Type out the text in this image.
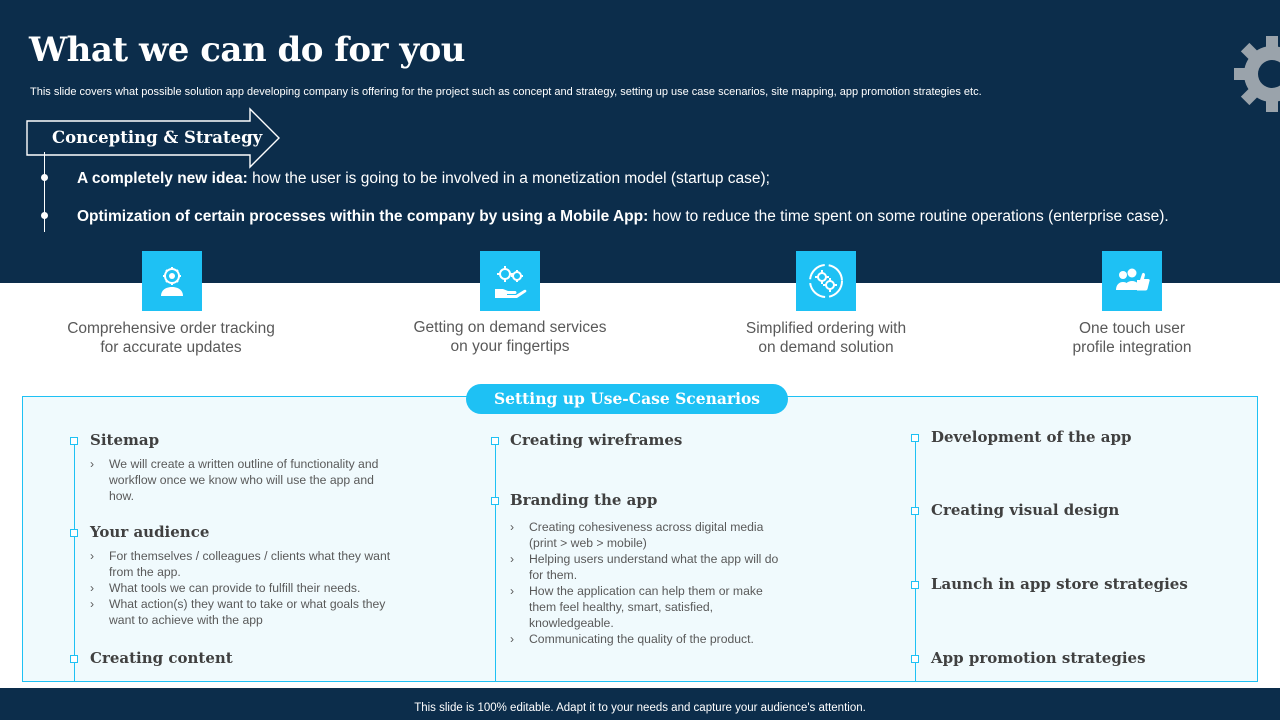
What we can do for you
This slide covers what possible solution app developing company is offering for the project such as concept and strategy, setting up use case scenarios, site mapping, app promotion strategies etc.
Concepting & Strategy
A completely new idea: how the user is going to be involved in a monetization model (startup case);
Optimization of certain processes within the company by using a Mobile App: how to reduce the time spent on some routine operations (enterprise case).
Comprehensive order tracking
for accurate updates
Getting on demand services
on your fingertips
Simplified ordering with
on demand solution
One touch user
profile integration
Setting up Use-Case Scenarios
Sitemap
› We will create a written outline of functionality and workflow once we know who will use the app and how.
Your audience
› For themselves / colleagues / clients what they want from the app.
› What tools we can provide to fulfill their needs.
› What action(s) they want to take or what goals they want to achieve with the app
Creating content
Creating wireframes
Branding the app
› Creating cohesiveness across digital media (print > web > mobile)
› Helping users understand what the app will do for them.
› How the application can help them or make them feel healthy, smart, satisfied, knowledgeable.
› Communicating the quality of the product.
Development of the app
Creating visual design
Launch in app store strategies
App promotion strategies
This slide is 100% editable. Adapt it to your needs and capture your audience's attention.
